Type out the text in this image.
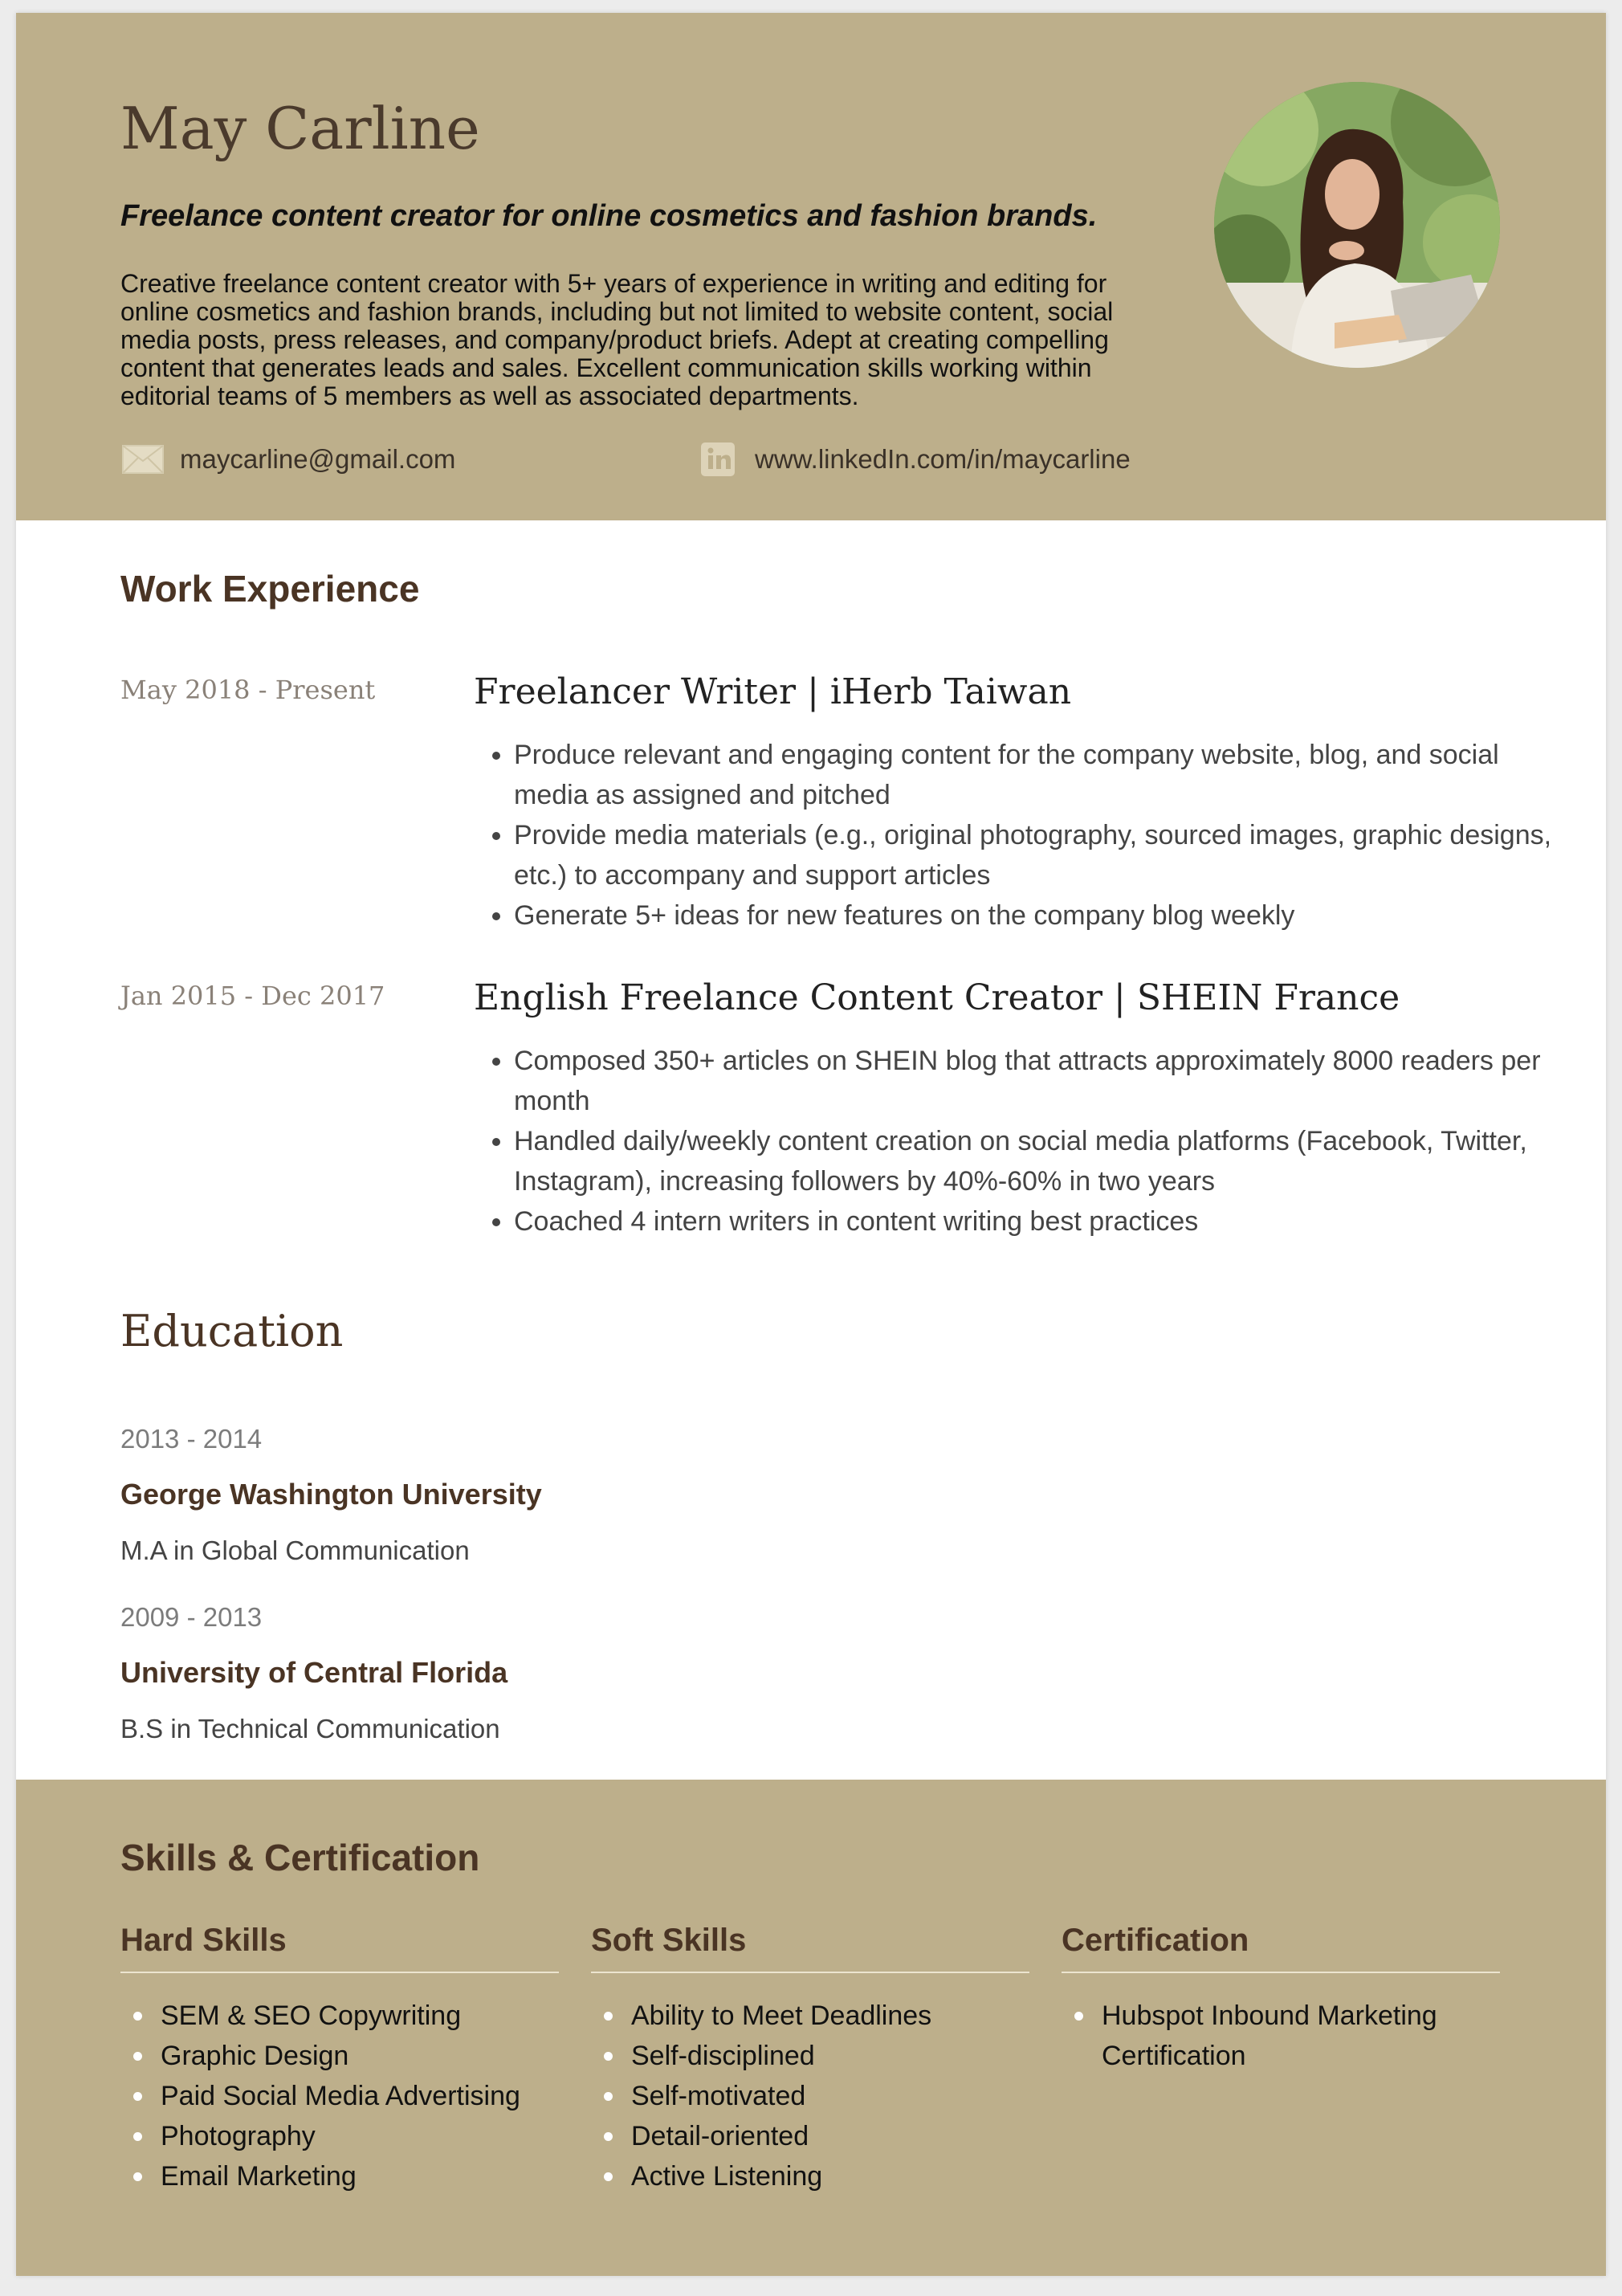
May Carline

Freelance content creator for online cosmetics and fashion brands.

Creative freelance content creator with 5+ years of experience in writing and editing for online cosmetics and fashion brands, including but not limited to website content, social media posts, press releases, and company/product briefs. Adept at creating compelling content that generates leads and sales. Excellent communication skills working within editorial teams of 5 members as well as associated departments.

maycarline@gmail.com	www.linkedIn.com/in/maycarline
Work Experience
May 2018 - Present	Freelancer Writer | iHerb Taiwan
• Produce relevant and engaging content for the company website, blog, and social media as assigned and pitched
• Provide media materials (e.g., original photography, sourced images, graphic designs, etc.) to accompany and support articles
• Generate 5+ ideas for new features on the company blog weekly
Jan 2015 - Dec 2017	English Freelance Content Creator | SHEIN France
• Composed 350+ articles on SHEIN blog that attracts approximately 8000 readers per month
• Handled daily/weekly content creation on social media platforms (Facebook, Twitter, Instagram), increasing followers by 40%-60% in two years
• Coached 4 intern writers in content writing best practices
Education
2013 - 2014
George Washington University
M.A in Global Communication
2009 - 2013
University of Central Florida
B.S in Technical Communication
Skills & Certification
Hard Skills
SEM & SEO Copywriting
Graphic Design
Paid Social Media Advertising
Photography
Email Marketing
Soft Skills
Ability to Meet Deadlines
Self-disciplined
Self-motivated
Detail-oriented
Active Listening
Certification
Hubspot Inbound Marketing Certification
